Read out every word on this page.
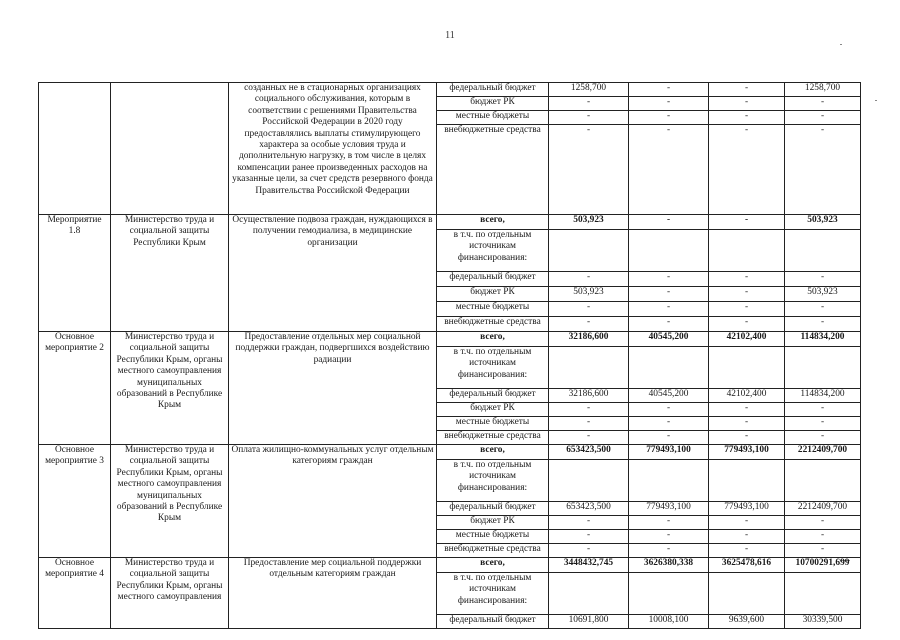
11
		созданных не в стационарных организациях социального обслуживания, которым в соответствии с решениями Правительства Российской Федерации в 2020 году предоставлялись выплаты стимулирующего характера за особые условия труда и дополнительную нагрузку, в том числе в целях компенсации ранее произведенных расходов на указанные цели, за счет средств резервного фонда Правительства Российской Федерации	федеральный бюджет	1258,700	-	-	1258,700
			бюджет РК	-	-	-	-
			местные бюджеты	-	-	-	-
			внебюджетные средства	-	-	-	-
Мероприятие 1.8	Министерство труда и социальной защиты Республики Крым	Осуществление подвоза граждан, нуждающихся в получении гемодиализа, в медицинские организации	всего,	503,923	-	-	503,923
			в т.ч. по отдельным источникам финансирования:				
			федеральный бюджет	-	-	-	-
			бюджет РК	503,923	-	-	503,923
			местные бюджеты	-	-	-	-
			внебюджетные средства	-	-	-	-
Основное мероприятие 2	Министерство труда и социальной защиты Республики Крым, органы местного самоуправления муниципальных образований в Республике Крым	Предоставление отдельных мер социальной поддержки граждан, подвергшихся воздействию радиации	всего,	32186,600	40545,200	42102,400	114834,200
			в т.ч. по отдельным источникам финансирования:				
			федеральный бюджет	32186,600	40545,200	42102,400	114834,200
			бюджет РК	-	-	-	-
			местные бюджеты	-	-	-	-
			внебюджетные средства	-	-	-	-
Основное мероприятие 3	Министерство труда и социальной защиты Республики Крым, органы местного самоуправления муниципальных образований в Республике Крым	Оплата жилищно-коммунальных услуг отдельным категориям граждан	всего,	653423,500	779493,100	779493,100	2212409,700
			в т.ч. по отдельным источникам финансирования:				
			федеральный бюджет	653423,500	779493,100	779493,100	2212409,700
			бюджет РК	-	-	-	-
			местные бюджеты	-	-	-	-
			внебюджетные средства	-	-	-	-
Основное мероприятие 4	Министерство труда и социальной защиты Республики Крым, органы местного самоуправления	Предоставление мер социальной поддержки отдельным категориям граждан	всего,	3448432,745	3626380,338	3625478,616	10700291,699
			в т.ч. по отдельным источникам финансирования:				
			федеральный бюджет	10691,800	10008,100	9639,600	30339,500
